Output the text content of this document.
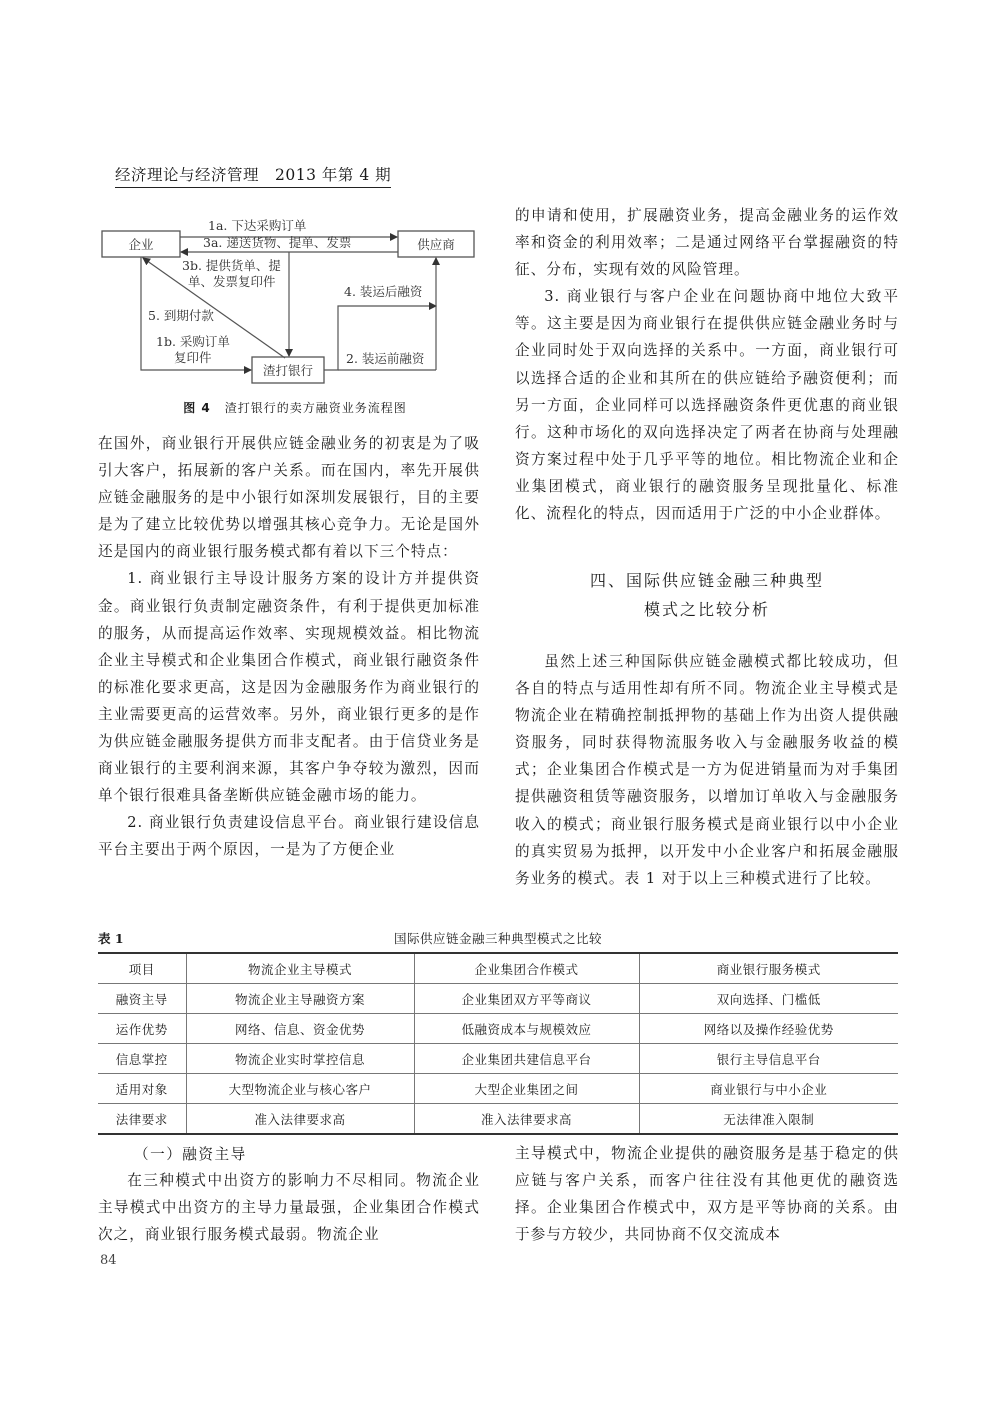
经济理论与经济管理 2013 年第 4 期
企业	供应商
渣打银行
1a. 下达采购订单
3a. 递送货物、提单、发票
3b. 提供货单、提
单、发票复印件
5. 到期付款
1b. 采购订单
复印件
4. 装运后融资
2. 装运前融资
图 4 渣打银行的卖方融资业务流程图

在国外，商业银行开展供应链金融业务的初衷是为了吸引大客户，拓展新的客户关系。而在国内，率先开展供应链金融服务的是中小银行如深圳发展银行，目的主要是为了建立比较优势以增强其核心竞争力。无论是国外还是国内的商业银行服务模式都有着以下三个特点：

1. 商业银行主导设计服务方案的设计方并提供资金。商业银行负责制定融资条件，有利于提供更加标准的服务，从而提高运作效率、实现规模效益。相比物流企业主导模式和企业集团合作模式，商业银行融资条件的标准化要求更高，这是因为金融服务作为商业银行的主业需要更高的运营效率。另外，商业银行更多的是作为供应链金融服务提供方而非支配者。由于信贷业务是商业银行的主要利润来源，其客户争夺较为激烈，因而单个银行很难具备垄断供应链金融市场的能力。

2. 商业银行负责建设信息平台。商业银行建设信息平台主要出于两个原因，一是为了方便企业

的申请和使用，扩展融资业务，提高金融业务的运作效率和资金的利用效率；二是通过网络平台掌握融资的特征、分布，实现有效的风险管理。

3. 商业银行与客户企业在问题协商中地位大致平等。这主要是因为商业银行在提供供应链金融业务时与企业同时处于双向选择的关系中。一方面，商业银行可以选择合适的企业和其所在的供应链给予融资便利；而另一方面，企业同样可以选择融资条件更优惠的商业银行。这种市场化的双向选择决定了两者在协商与处理融资方案过程中处于几乎平等的地位。相比物流企业和企业集团模式，商业银行的融资服务呈现批量化、标准化、流程化的特点，因而适用于广泛的中小企业群体。

四、国际供应链金融三种典型
模式之比较分析

虽然上述三种国际供应链金融模式都比较成功，但各自的特点与适用性却有所不同。物流企业主导模式是物流企业在精确控制抵押物的基础上作为出资人提供融资服务，同时获得物流服务收入与金融服务收益的模式；企业集团合作模式是一方为促进销量而为对手集团提供融资租赁等融资服务，以增加订单收入与金融服务收入的模式；商业银行服务模式是商业银行以中小企业的真实贸易为抵押，以开发中小企业客户和拓展金融服务业务的模式。表 1 对于以上三种模式进行了比较。

表 1	国际供应链金融三种典型模式之比较
项目	物流企业主导模式	企业集团合作模式	商业银行服务模式
融资主导	物流企业主导融资方案	企业集团双方平等商议	双向选择、门槛低
运作优势	网络、信息、资金优势	低融资成本与规模效应	网络以及操作经验优势
信息掌控	物流企业实时掌控信息	企业集团共建信息平台	银行主导信息平台
适用对象	大型物流企业与核心客户	大型企业集团之间	商业银行与中小企业
法律要求	准入法律要求高	准入法律要求高	无法律准入限制
（一）融资主导

在三种模式中出资方的影响力不尽相同。物流企业主导模式中出资方的主导力量最强，企业集团合作模式次之，商业银行服务模式最弱。物流企业

主导模式中，物流企业提供的融资服务是基于稳定的供应链与客户关系，而客户往往没有其他更优的融资选择。企业集团合作模式中，双方是平等协商的关系。由于参与方较少，共同协商不仅交流成本

84
